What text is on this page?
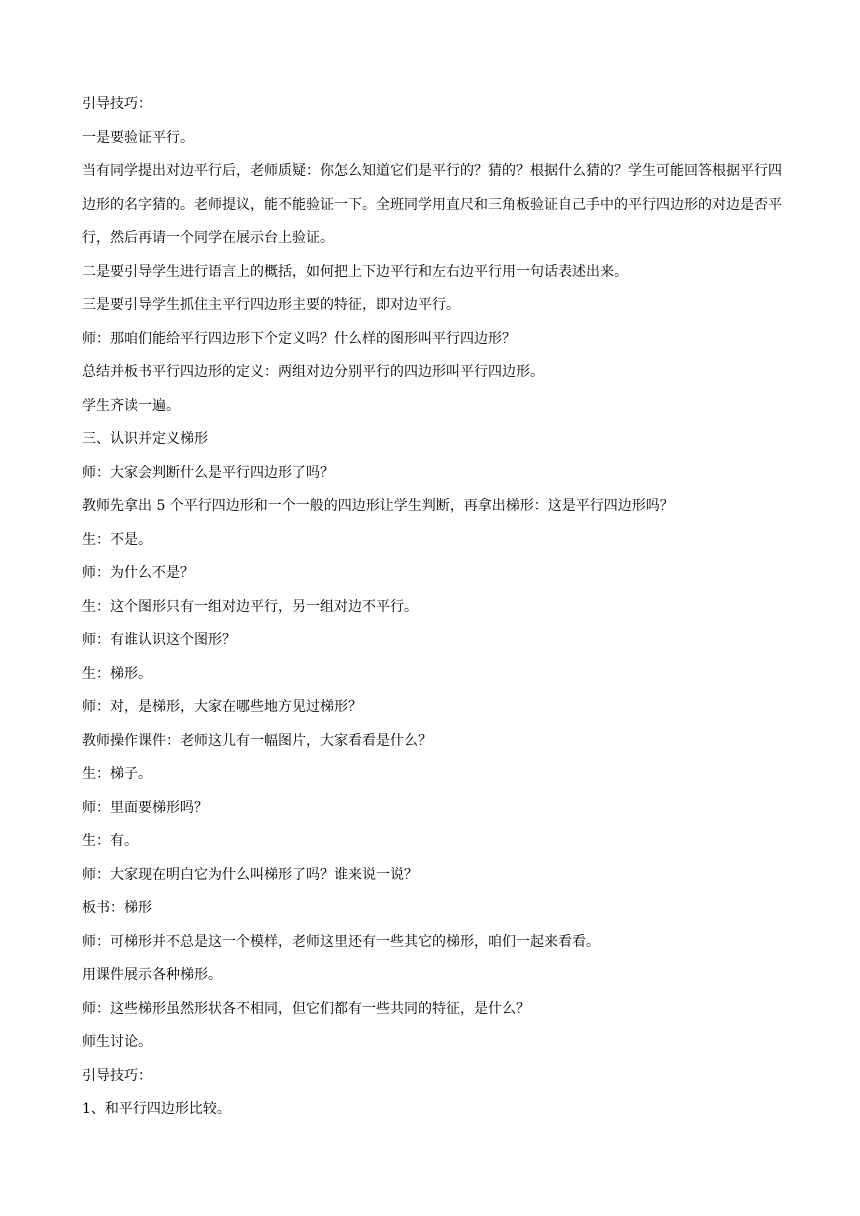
引导技巧：

一是要验证平行。

当有同学提出对边平行后，老师质疑：你怎么知道它们是平行的？猜的？根据什么猜的？学生可能回答根据平行四边形的名字猜的。老师提议，能不能验证一下。全班同学用直尺和三角板验证自己手中的平行四边形的对边是否平行，然后再请一个同学在展示台上验证。

二是要引导学生进行语言上的概括，如何把上下边平行和左右边平行用一句话表述出来。

三是要引导学生抓住主平行四边形主要的特征，即对边平行。

师：那咱们能给平行四边形下个定义吗？什么样的图形叫平行四边形？

总结并板书平行四边形的定义：两组对边分别平行的四边形叫平行四边形。

学生齐读一遍。

三、认识并定义梯形

师：大家会判断什么是平行四边形了吗？

教师先拿出 5 个平行四边形和一个一般的四边形让学生判断，再拿出梯形：这是平行四边形吗？

生：不是。

师：为什么不是？

生：这个图形只有一组对边平行，另一组对边不平行。

师：有谁认识这个图形？

生：梯形。

师：对，是梯形，大家在哪些地方见过梯形？

教师操作课件：老师这儿有一幅图片，大家看看是什么？

生：梯子。

师：里面要梯形吗？

生：有。

师：大家现在明白它为什么叫梯形了吗？谁来说一说？

板书：梯形

师：可梯形并不总是这一个模样，老师这里还有一些其它的梯形，咱们一起来看看。

用课件展示各种梯形。

师：这些梯形虽然形状各不相同，但它们都有一些共同的特征，是什么？

师生讨论。

引导技巧：

1、和平行四边形比较。
